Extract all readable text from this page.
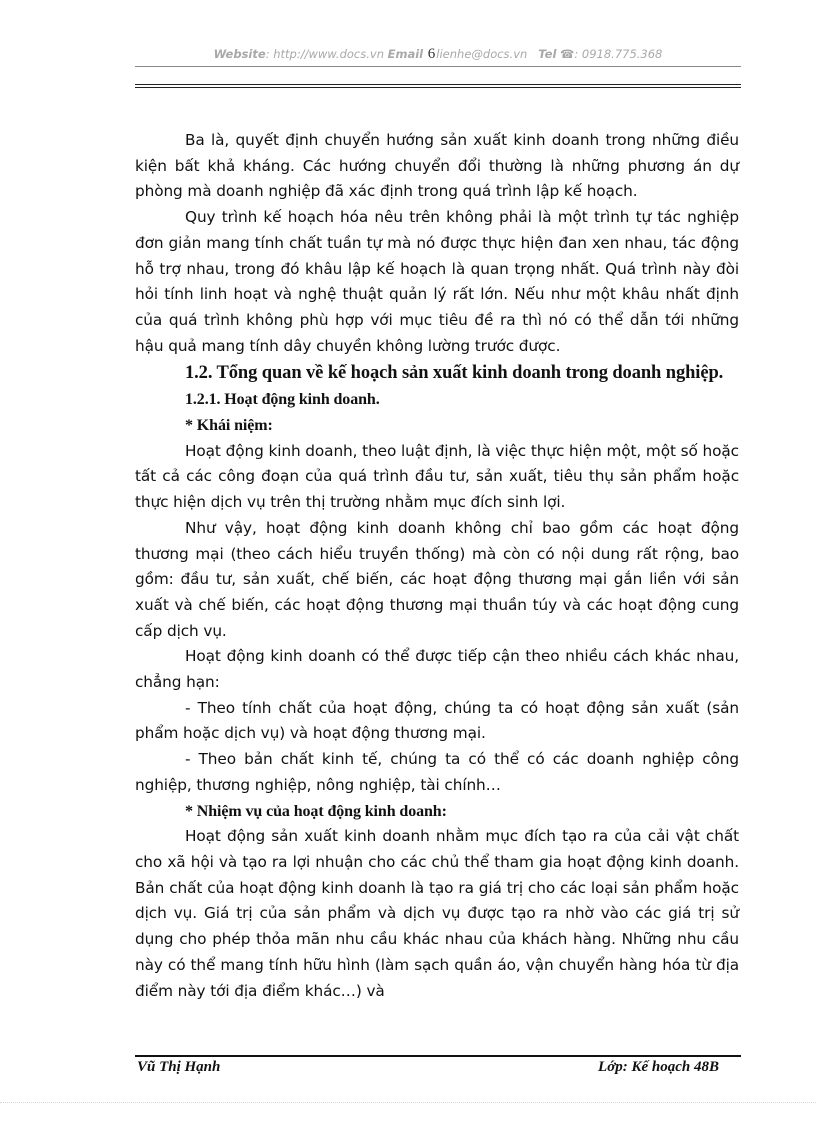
Website: http://www.docs.vn Email 6lienhe@docs.vn Tel ☎: 0918.775.368

Ba là, quyết định chuyển hướng sản xuất kinh doanh trong những điều kiện bất khả kháng. Các hướng chuyển đổi thường là những phương án dự phòng mà doanh nghiệp đã xác định trong quá trình lập kế hoạch.

Quy trình kế hoạch hóa nêu trên không phải là một trình tự tác nghiệp đơn giản mang tính chất tuần tự mà nó được thực hiện đan xen nhau, tác động hỗ trợ nhau, trong đó khâu lập kế hoạch là quan trọng nhất. Quá trình này đòi hỏi tính linh hoạt và nghệ thuật quản lý rất lớn. Nếu như một khâu nhất định của quá trình không phù hợp với mục tiêu đề ra thì nó có thể dẫn tới những hậu quả mang tính dây chuyền không lường trước được.

1.2. Tổng quan về kế hoạch sản xuất kinh doanh trong doanh nghiệp.
1.2.1. Hoạt động kinh doanh.
* Khái niệm:

Hoạt động kinh doanh, theo luật định, là việc thực hiện một, một số hoặc tất cả các công đoạn của quá trình đầu tư, sản xuất, tiêu thụ sản phẩm hoặc thực hiện dịch vụ trên thị trường nhằm mục đích sinh lợi.

Như vậy, hoạt động kinh doanh không chỉ bao gồm các hoạt động thương mại (theo cách hiểu truyền thống) mà còn có nội dung rất rộng, bao gồm: đầu tư, sản xuất, chế biến, các hoạt động thương mại gắn liền với sản xuất và chế biến, các hoạt động thương mại thuần túy và các hoạt động cung cấp dịch vụ.

Hoạt động kinh doanh có thể được tiếp cận theo nhiều cách khác nhau, chẳng hạn:

- Theo tính chất của hoạt động, chúng ta có hoạt động sản xuất (sản phẩm hoặc dịch vụ) và hoạt động thương mại.

- Theo bản chất kinh tế, chúng ta có thể có các doanh nghiệp công nghiệp, thương nghiệp, nông nghiệp, tài chính…

* Nhiệm vụ của hoạt động kinh doanh:

Hoạt động sản xuất kinh doanh nhằm mục đích tạo ra của cải vật chất cho xã hội và tạo ra lợi nhuận cho các chủ thể tham gia hoạt động kinh doanh. Bản chất của hoạt động kinh doanh là tạo ra giá trị cho các loại sản phẩm hoặc dịch vụ. Giá trị của sản phẩm và dịch vụ được tạo ra nhờ vào các giá trị sử dụng cho phép thỏa mãn nhu cầu khác nhau của khách hàng. Những nhu cầu này có thể mang tính hữu hình (làm sạch quần áo, vận chuyển hàng hóa từ địa điểm này tới địa điểm khác…) và

Vũ Thị Hạnh	Lớp: Kế hoạch 48B
